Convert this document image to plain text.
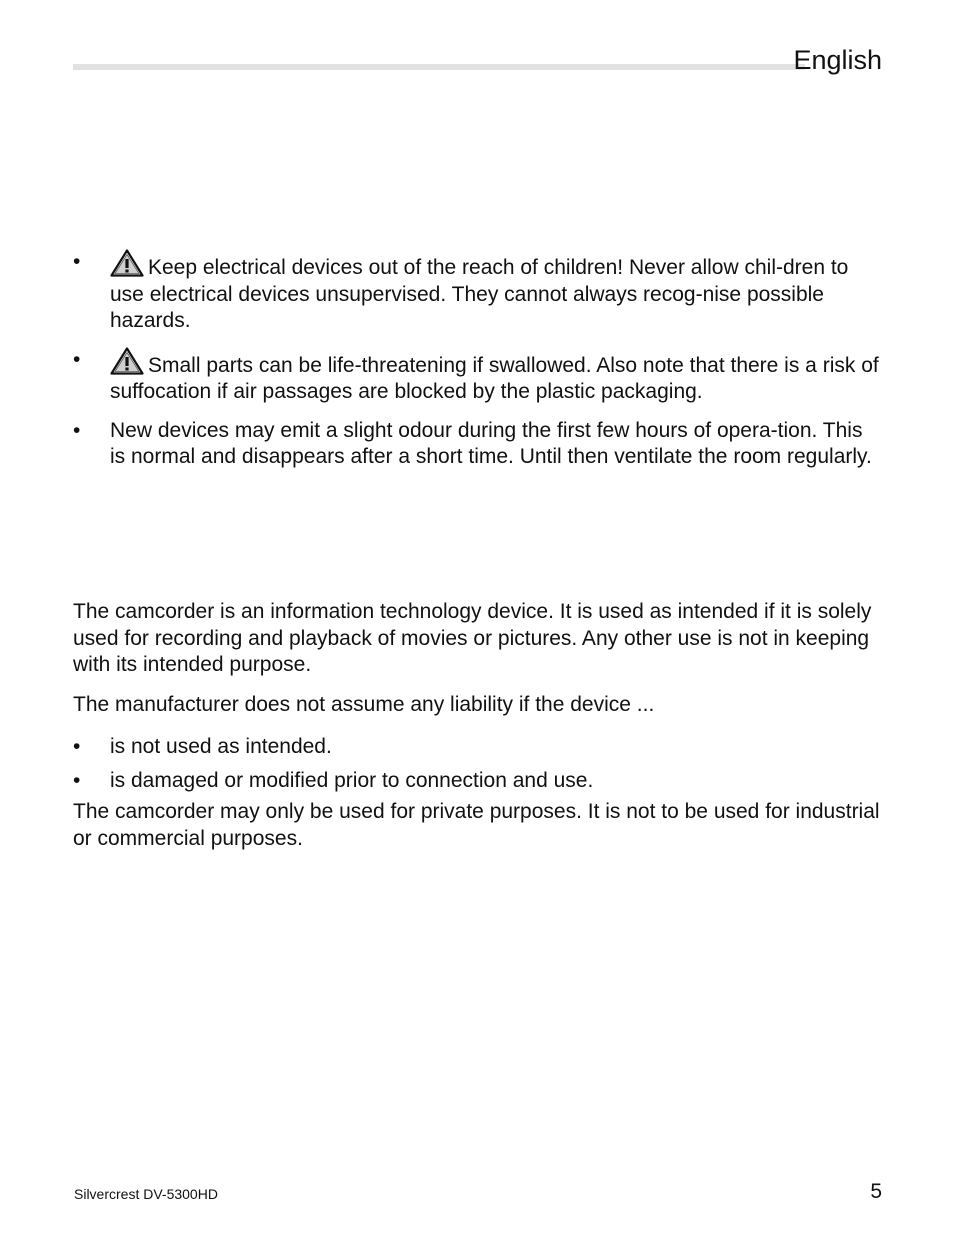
English
•	Keep electrical devices out of the reach of children! Never allow chil-dren to use electrical devices unsupervised. They cannot always recog-nise possible hazards.
•	Small parts can be life-threatening if swallowed. Also note that there is a risk of suffocation if air passages are blocked by the plastic packaging.
•	New devices may emit a slight odour during the first few hours of opera-tion. This is normal and disappears after a short time. Until then ventilate the room regularly.

The camcorder is an information technology device. It is used as intended if it is solely used for recording and playback of movies or pictures. Any other use is not in keeping with its intended purpose.

The manufacturer does not assume any liability if the device ...

•	is not used as intended.
•	is damaged or modified prior to connection and use.

The camcorder may only be used for private purposes. It is not to be used for industrial or commercial purposes.

Silvercrest DV-5300HD	5
